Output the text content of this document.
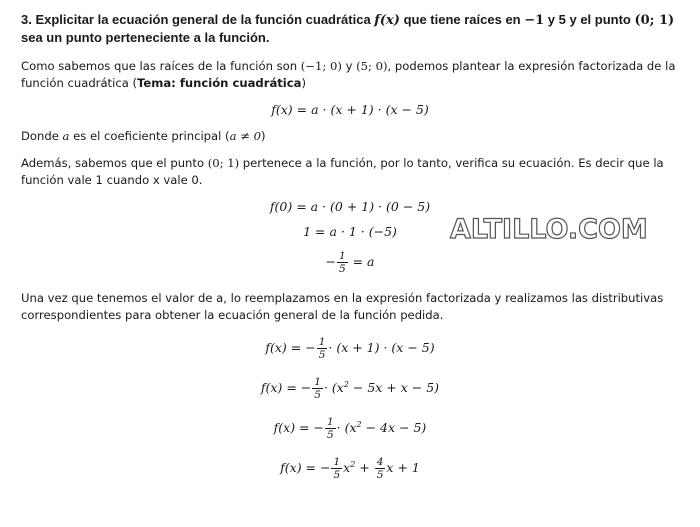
3. Explicitar la ecuación general de la función cuadrática f(x) que tiene raíces en −1 y 5 y el punto (0; 1) sea un punto perteneciente a la función.
Como sabemos que las raíces de la función son (−1; 0) y (5; 0), podemos plantear la expresión factorizada de la función cuadrática (Tema: función cuadrática)
f(x) = a · (x + 1) · (x − 5)
Donde a es el coeficiente principal (a ≠ 0)
Además, sabemos que el punto (0; 1) pertenece a la función, por lo tanto, verifica su ecuación. Es decir que la función vale 1 cuando x vale 0.
f(0) = a · (0 + 1) · (0 − 5)
1 = a · 1 · (−5)
− $\frac{1}{5} = a$
Una vez que tenemos el valor de a, lo reemplazamos en la expresión factorizada y realizamos las distributivas correspondientes para obtener la ecuación general de la función pedida.
f(x) = − $\frac{1}{5} \cdot (x + 1) \cdot (x - 5)$
f(x) = − $\frac{1}{5} \cdot (x^2 - 5x + x - 5)$
f(x) = − $\frac{1}{5} \cdot (x^2 - 4x - 5)$
f(x) = − $\frac{1}{5} x^2 + \frac{4}{5}$ x + 1
ALTILLO.COM
